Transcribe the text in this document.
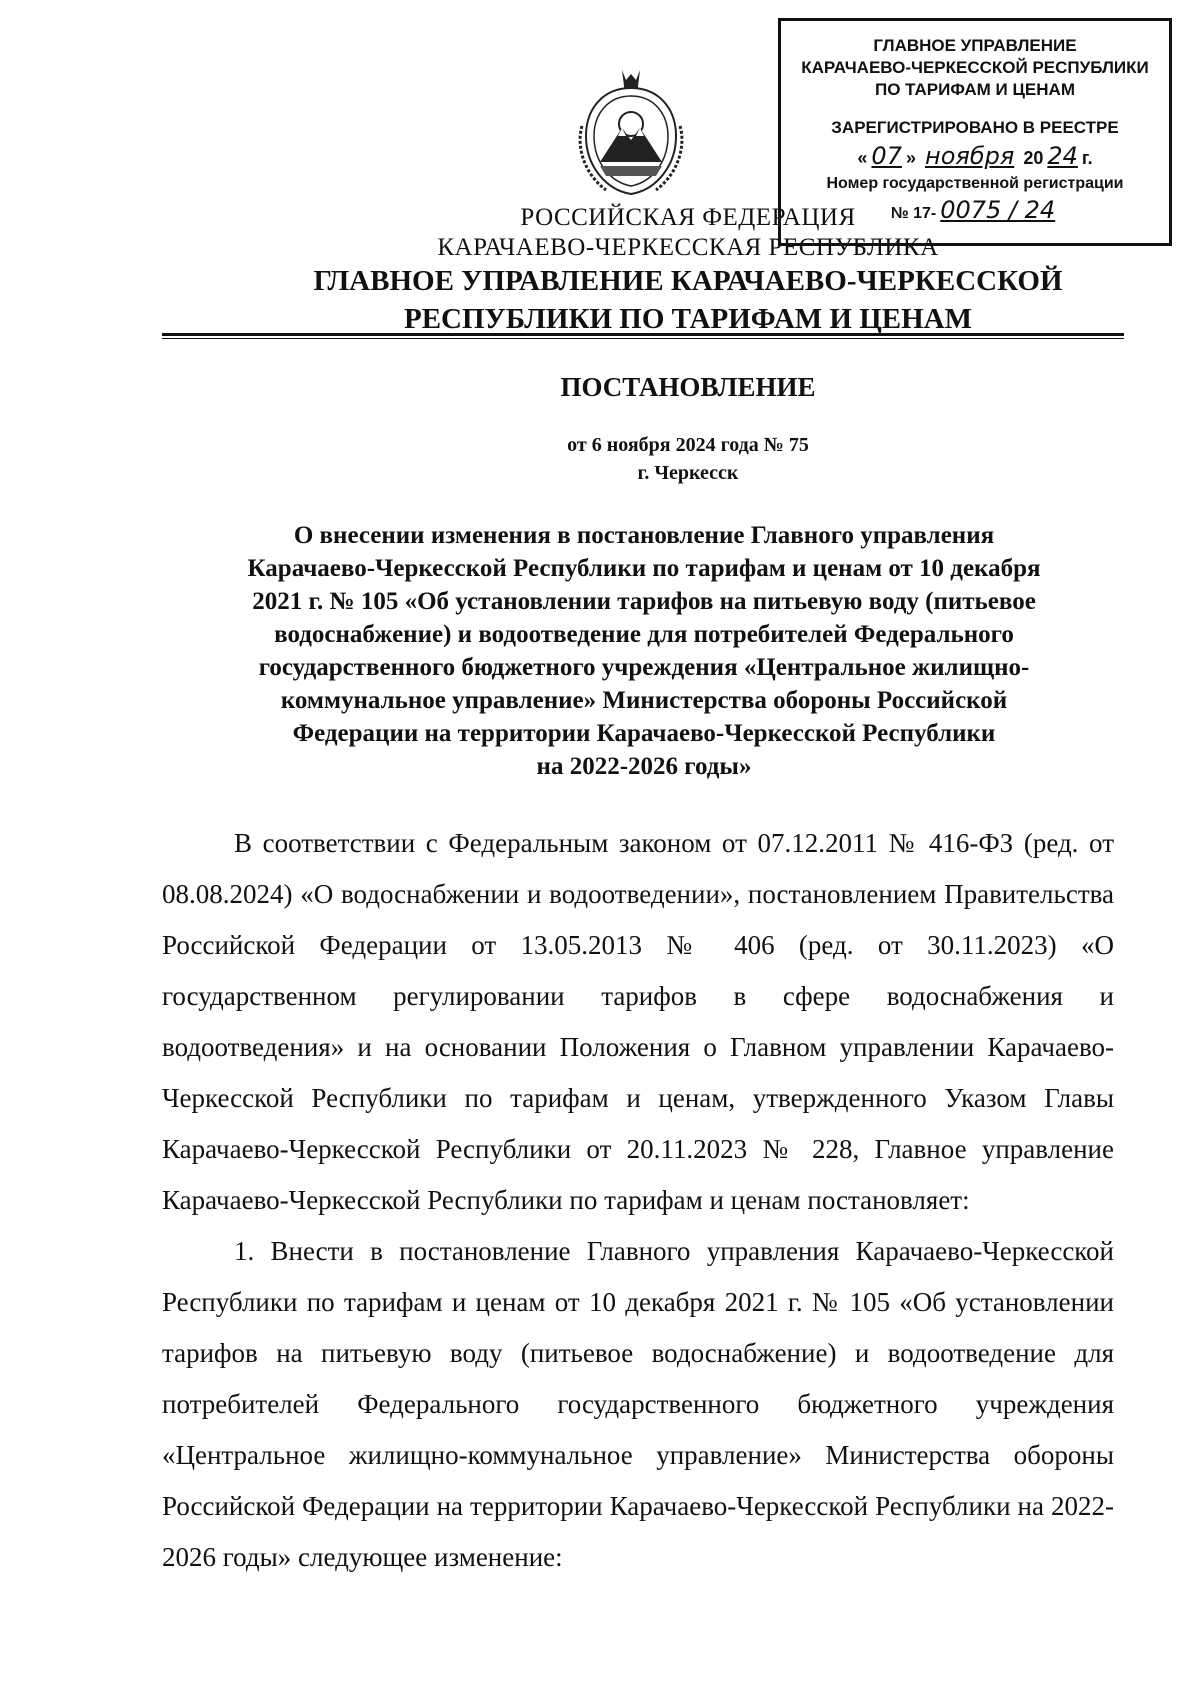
ГЛАВНОЕ УПРАВЛЕНИЕ
КАРАЧАЕВО-ЧЕРКЕССКОЙ РЕСПУБЛИКИ
ПО ТАРИФАМ И ЦЕНАМ
ЗАРЕГИСТРИРОВАНО В РЕЕСТРЕ
« 07 » ноября 20 24 г.
Номер государственной регистрации
№ 17- 0075 / 24
РОССИЙСКАЯ ФЕДЕРАЦИЯ
КАРАЧАЕВО-ЧЕРКЕССКАЯ РЕСПУБЛИКА
ГЛАВНОЕ УПРАВЛЕНИЕ КАРАЧАЕВО-ЧЕРКЕССКОЙ
РЕСПУБЛИКИ ПО ТАРИФАМ И ЦЕНАМ
ПОСТАНОВЛЕНИЕ
от 6 ноября 2024 года № 75
г. Черкесск
О внесении изменения в постановление Главного управления
Карачаево-Черкесской Республики по тарифам и ценам от 10 декабря
2021 г. № 105 «Об установлении тарифов на питьевую воду (питьевое
водоснабжение) и водоотведение для потребителей Федерального
государственного бюджетного учреждения «Центральное жилищно-
коммунальное управление» Министерства обороны Российской
Федерации на территории Карачаево-Черкесской Республики
на 2022-2026 годы»

В соответствии с Федеральным законом от 07.12.2011 № 416-ФЗ (ред. от 08.08.2024) «О водоснабжении и водоотведении», постановлением Правительства Российской Федерации от 13.05.2013 № 406 (ред. от 30.11.2023) «О государственном регулировании тарифов в сфере водоснабжения и водоотведения» и на основании Положения о Главном управлении Карачаево-Черкесской Республики по тарифам и ценам, утвержденного Указом Главы Карачаево-Черкесской Республики от 20.11.2023 № 228, Главное управление Карачаево-Черкесской Республики по тарифам и ценам постановляет:

1. Внести в постановление Главного управления Карачаево-Черкесской Республики по тарифам и ценам от 10 декабря 2021 г. № 105 «Об установлении тарифов на питьевую воду (питьевое водоснабжение) и водоотведение для потребителей Федерального государственного бюджетного учреждения «Центральное жилищно-коммунальное управление» Министерства обороны Российской Федерации на территории Карачаево-Черкесской Республики на 2022-2026 годы» следующее изменение:
